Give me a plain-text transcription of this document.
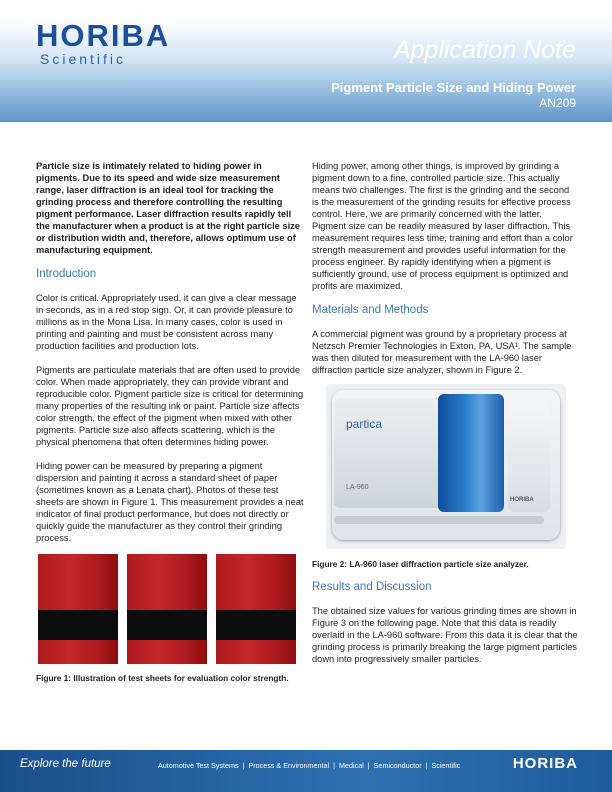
HORIBA
Scientific	Application Note
Pigment Particle Size and Hiding Power
AN209

Particle size is intimately related to hiding power in pigments. Due to its speed and wide size measurement range, laser diffraction is an ideal tool for tracking the grinding process and therefore controlling the resulting pigment performance. Laser diffraction results rapidly tell the manufacturer when a product is at the right particle size or distribution width and, therefore, allows optimum use of manufacturing equipment.

Introduction

Color is critical. Appropriately used, it can give a clear message in seconds, as in a red stop sign. Or, it can provide pleasure to millions as in the Mona Lisa. In many cases, color is used in printing and painting and must be consistent across many production facilities and production lots.

Pigments are particulate materials that are often used to provide color. When made appropriately, they can provide vibrant and reproducible color. Pigment particle size is critical for determining many properties of the resulting ink or paint. Particle size affects color strength, the effect of the pigment when mixed with other pigments. Particle size also affects scattering, which is the physical phenomena that often determines hiding power.

Hiding power can be measured by preparing a pigment dispersion and painting it across a standard sheet of paper (sometimes known as a Lenata chart). Photos of these test sheets are shown in Figure 1. This measurement provides a neat indicator of final product performance, but does not directly or quickly guide the manufacturer as they control their grinding process.

Figure 1: Illustration of test sheets for evaluation color strength.

Hiding power, among other things, is improved by grinding a pigment down to a fine, controlled particle size. This actually means two challenges. The first is the grinding and the second is the measurement of the grinding results for effective process control. Here, we are primarily concerned with the latter. Pigment size can be readily measured by laser diffraction. This measurement requires less time, training and effort than a color strength measurement and provides useful information for the process engineer. By rapidly identifying when a pigment is sufficiently ground, use of process equipment is optimized and profits are maximized.

Materials and Methods

A commercial pigment was ground by a proprietary process at Netzsch Premier Technologies in Exton, PA, USA¹. The sample was then diluted for measurement with the LA-960 laser diffraction particle size analyzer, shown in Figure 2.

partica
LA-960
HORIBA

Figure 2: LA-960 laser diffraction particle size analyzer.

Results and Discussion

The obtained size values for various grinding times are shown in Figure 3 on the following page. Note that this data is readily overlaid in the LA-960 software. From this data it is clear that the grinding process is primarily breaking the large pigment particles down into progressively smaller particles.

Explore the future	Automotive Test Systems | Process & Environmental | Medical | Semiconductor | Scientific	HORIBA
